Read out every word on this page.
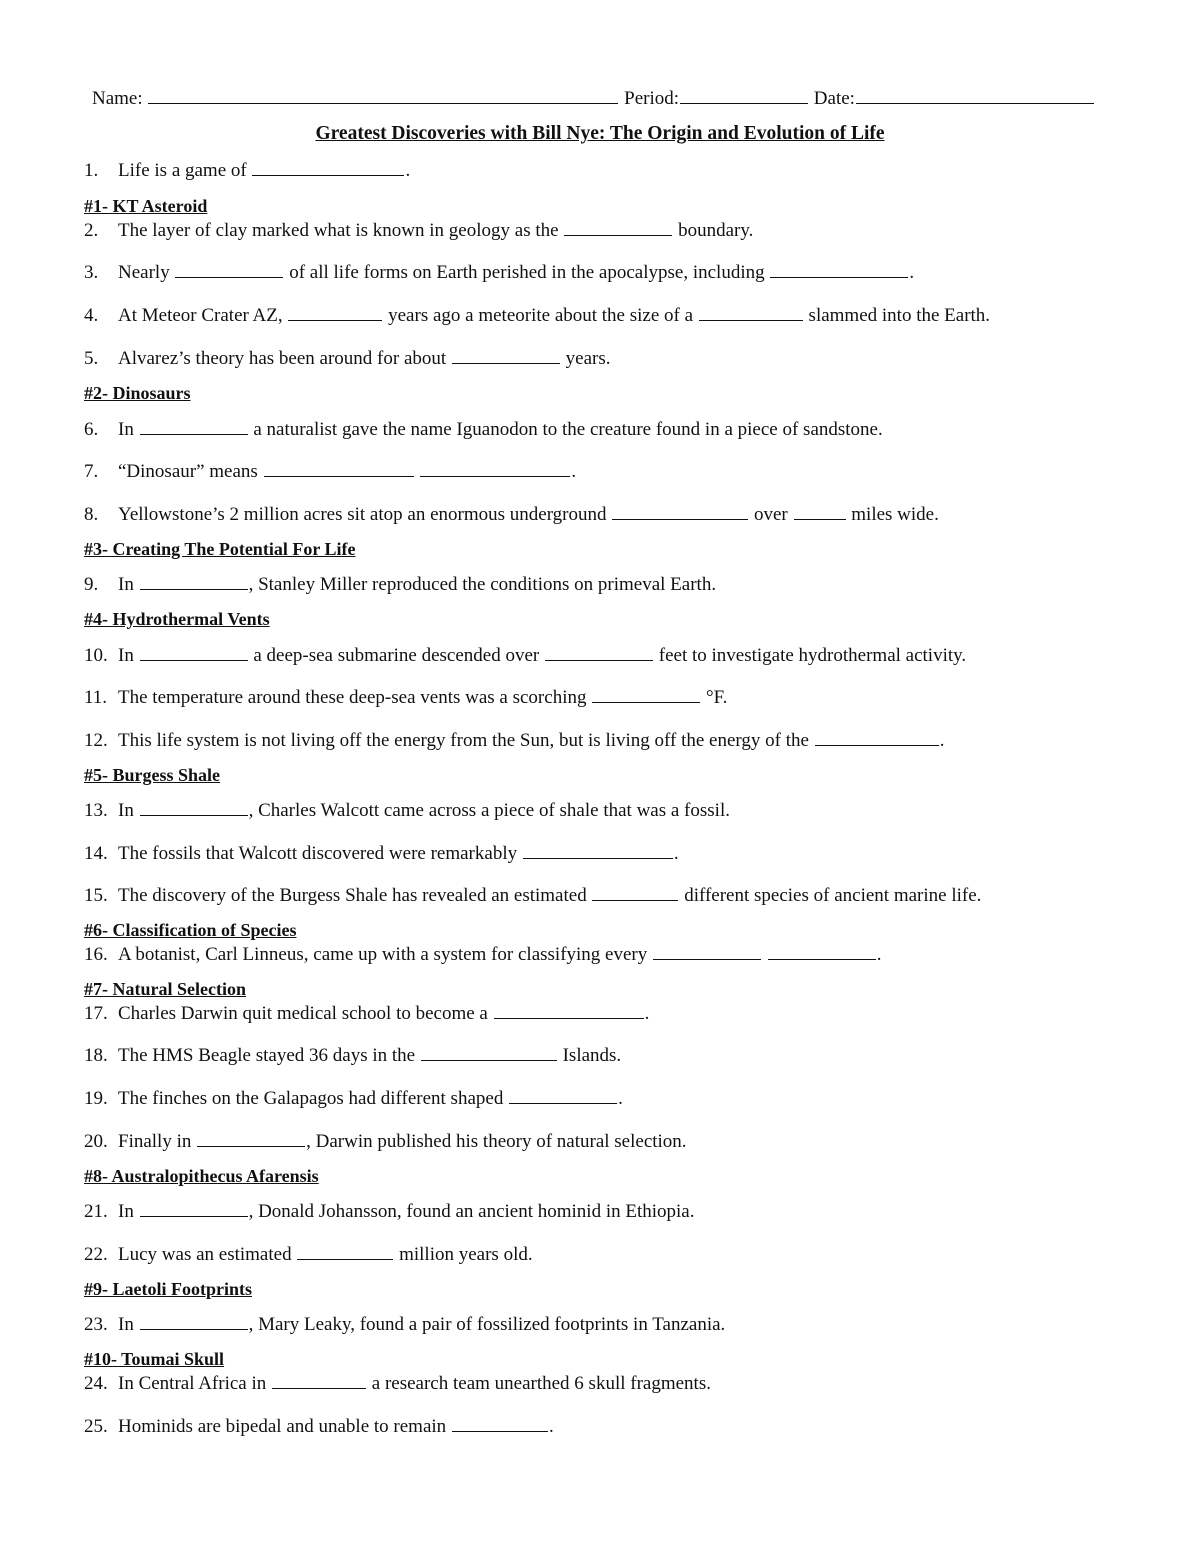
Name:	Period:	Date:
Greatest Discoveries with Bill Nye: The Origin and Evolution of Life
1. Life is a game of	.
#1- KT Asteroid
2. The layer of clay marked what is known in geology as the	boundary.
3. Nearly	of all life forms on Earth perished in the apocalypse, including	.
4. At Meteor Crater AZ,	years ago a meteorite about the size of a	slammed into the Earth.
5. Alvarez’s theory has been around for about	years.
#2- Dinosaurs
6. In	a naturalist gave the name Iguanodon to the creature found in a piece of sandstone.
7. “Dinosaur” means	.
8. Yellowstone’s 2 million acres sit atop an enormous underground	over	miles wide.
#3- Creating The Potential For Life
9. In	, Stanley Miller reproduced the conditions on primeval Earth.
#4- Hydrothermal Vents
10. In	a deep-sea submarine descended over	feet to investigate hydrothermal activity.
11. The temperature around these deep-sea vents was a scorching	°F.
12. This life system is not living off the energy from the Sun, but is living off the energy of the	.
#5- Burgess Shale
13. In	, Charles Walcott came across a piece of shale that was a fossil.
14. The fossils that Walcott discovered were remarkably	.
15. The discovery of the Burgess Shale has revealed an estimated	different species of ancient marine life.
#6- Classification of Species
16. A botanist, Carl Linneus, came up with a system for classifying every	.
#7- Natural Selection
17. Charles Darwin quit medical school to become a	.
18. The HMS Beagle stayed 36 days in the	Islands.
19. The finches on the Galapagos had different shaped	.
20. Finally in	, Darwin published his theory of natural selection.
#8- Australopithecus Afarensis
21. In	, Donald Johansson, found an ancient hominid in Ethiopia.
22. Lucy was an estimated	million years old.
#9- Laetoli Footprints
23. In	, Mary Leaky, found a pair of fossilized footprints in Tanzania.
#10- Toumai Skull
24. In Central Africa in	a research team unearthed 6 skull fragments.
25. Hominids are bipedal and unable to remain	.
